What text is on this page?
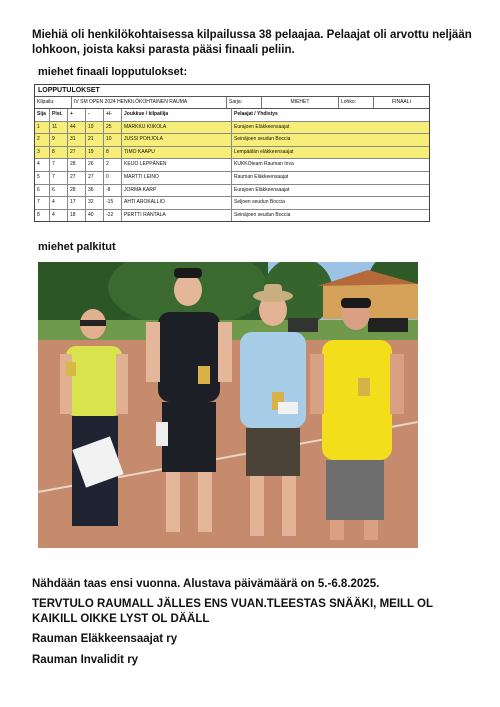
Miehiä oli henkilökohtaisessa kilpailussa 38 pelaajaa. Pelaajat oli arvottu neljään lohkoon, joista kaksi parasta pääsi finaali peliin.
miehet finaali lopputulokset:
LOPPUTULOKSET
Kilpailu:	IV SM OPEN 2024 HENKILÖKOHTAINEN RAUMA	Sarja:	MIEHET	Lohko:	FINAALI
Sija	Pist.	+	-	+/-	Joukkue / kilpailija	Pelaajat / Yhdistys
1	11	44	19	25	MARKKU KIIKOLA	Eurajoen Eläkkeensaajat
2	9	31	21	10	JUSSI POHJOLA	Seinäjoen seudun Boccia
3	8	27	19	8	TIMO KAAPU	Lempäälän eläkkeensaajat
4	7	28	26	2	KEIJO LEPPÄNEN	KUKKOteam Rauman Inva
5	7	27	27	0	MARTTI LEINO	Rauman Eläkkeensaajat
6	6	28	36	-8	JORMA KARP	Eurajoen Eläkkeensaajat
7	4	17	32	-15	AHTI AROKALLIO	Seljoen seudun Boccia
8	4	18	40	-22	PERTTI RANTALA	Seinäjoen seudun Boccia
miehet palkitut
Nähdään taas ensi vuonna. Alustava päivämäärä on 5.-6.8.2025.
TERVTULO RAUMALL JÄLLES ENS VUAN.TLEESTAS SNÄÄKI, MEILL OL KAIKILL OIKKE LYST OL DÄÄLL
Rauman Eläkkeensaajat ry
Rauman Invalidit ry
